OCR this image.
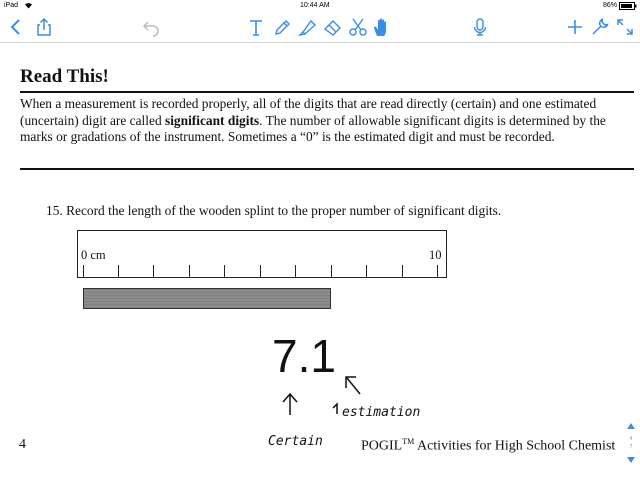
iPad	10:44 AM	86%
Read This!
When a measurement is recorded properly, all of the digits that are read directly (certain) and one estimated (uncertain) digit are called significant digits. The number of allowable significant digits is determined by the marks or gradations of the instrument. Sometimes a “0” is the estimated digit and must be recorded.
15. Record the length of the wooden splint to the proper number of significant digits.
0 cm	10
7.1
Certain
estimation
4	POGIL™ Activities for High School Chemist	4
7
